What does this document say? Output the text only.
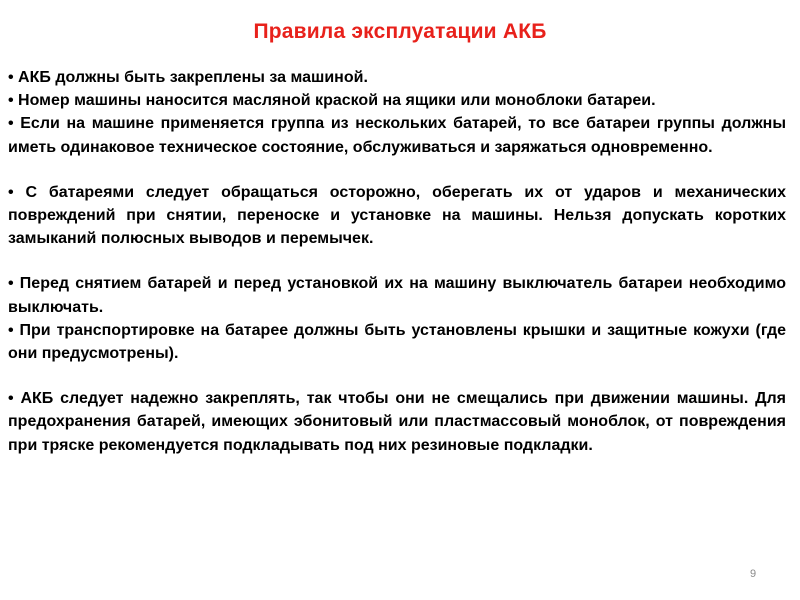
Правила эксплуатации АКБ

• АКБ должны быть закреплены за машиной.

• Номер машины наносится масляной краской на ящики или моноблоки батареи.

• Если на машине применяется группа из нескольких батарей, то все батареи группы должны иметь одинаковое техническое состояние, обслуживаться и заряжаться одновременно.

• С батареями следует обращаться осторожно, оберегать их от ударов и механических повреждений при снятии, переноске и установке на машины. Нельзя допускать коротких замыканий полюсных выводов и перемычек.

• Перед снятием батарей и перед установкой их на машину выключатель батареи необходимо выключать.

• При транспортировке на батарее должны быть установлены крышки и защитные кожухи (где они предусмотрены).

• АКБ следует надежно закреплять, так чтобы они не смещались при движении машины. Для предохранения батарей, имеющих эбонитовый или пластмассовый моноблок, от повреждения при тряске рекомендуется подкладывать под них резиновые подкладки.

9
